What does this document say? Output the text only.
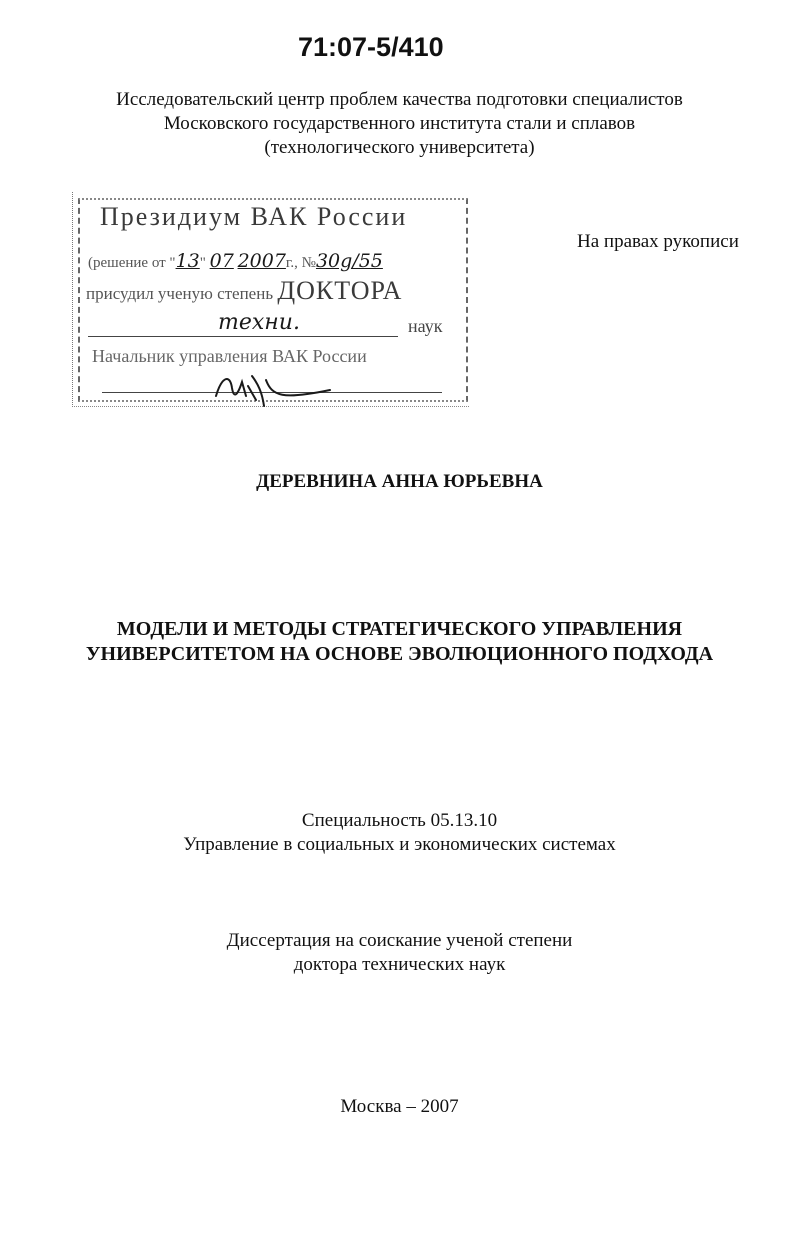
71:07-5/410
Исследовательский центр проблем качества подготовки специалистов
Московского государственного института стали и сплавов
(технологического университета)
На правах рукописи
Президиум ВАК России
(решение от "13" 07 2007г., №30g/55
присудил ученую степень ДОКТОРА
техни.	наук
Начальник управления ВАК России
ДЕРЕВНИНА АННА ЮРЬЕВНА
МОДЕЛИ И МЕТОДЫ СТРАТЕГИЧЕСКОГО УПРАВЛЕНИЯ
УНИВЕРСИТЕТОМ НА ОСНОВЕ ЭВОЛЮЦИОННОГО ПОДХОДА
Специальность 05.13.10
Управление в социальных и экономических системах
Диссертация на соискание ученой степени
доктора технических наук
Москва – 2007
